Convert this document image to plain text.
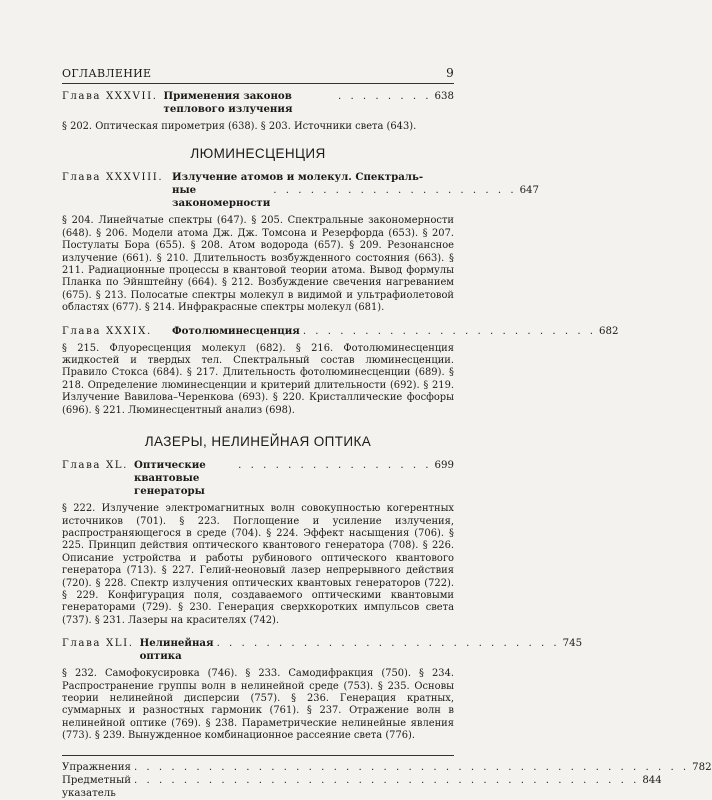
ОГЛАВЛЕНИЕ	9
Глава XXXVII. Применения законов теплового излучения
. . . . . . . . 638

§ 202. Оптическая пирометрия (638). § 203. Источники света (643).

ЛЮМИНЕСЦЕНЦИЯ

Глава XXXVIII. Излучение атомов и молекул. Спектраль-
ные закономерности
. . . . . . . . . . . . . . . . . . . . 647

§ 204. Линейчатые спектры (647). § 205. Спектральные закономерности (648). § 206. Модели атома Дж. Дж. Томсона и Резерфорда (653). § 207. Постулаты Бора (655). § 208. Атом водорода (657). § 209. Резонансное излучение (661). § 210. Длительность возбужденного состояния (663). § 211. Радиационные процессы в квантовой теории атома. Вывод формулы Планка по Эйнштейну (664). § 212. Возбуждение свечения нагреванием (675). § 213. Полосатые спектры молекул в видимой и ультрафиолетовой областях (677). § 214. Инфракрасные спектры молекул (681).

Глава XXXIX.	Фотолюминесценция . . . . . . . . . . . . . . . . . . . . . . . . 682

§ 215. Флуоресценция молекул (682). § 216. Фотолюминесценция жидкостей и твердых тел. Спектральный состав люминесценции. Правило Стокса (684). § 217. Длительность фотолюминесценции (689). § 218. Определение люминесценции и критерий длительности (692). § 219. Излучение Вавилова–Черенкова (693). § 220. Кристаллические фосфоры (696). § 221. Люминесцентный анализ (698).

ЛАЗЕРЫ, НЕЛИНЕЙНАЯ ОПТИКА

Глава XL. Оптические квантовые генераторы
. . . . . . . . . . . . . . . . 699

§ 222. Излучение электромагнитных волн совокупностью когерентных источников (701). § 223. Поглощение и усиление излучения, распространяющегося в среде (704). § 224. Эффект насыщения (706). § 225. Принцип действия оптического квантового генератора (708). § 226. Описание устройства и работы рубинового оптического квантового генератора (713). § 227. Гелий-неоновый лазер непрерывного действия (720). § 228. Спектр излучения оптических квантовых генераторов (722). § 229. Конфигурация поля, создаваемого оптическими квантовыми генераторами (729). § 230. Генерация сверхкоротких импульсов света (737). § 231. Лазеры на красителях (742).

Глава XLI. Нелинейная оптика
. . . . . . . . . . . . . . . . . . . . . . . . . . . . 745

§ 232. Самофокусировка (746). § 233. Самодифракция (750). § 234. Распространение группы волн в нелинейной среде (753). § 235. Основы теории нелинейной дисперсии (757). § 236. Генерация кратных, суммарных и разностных гармоник (761). § 237. Отражение волн в нелинейной оптике (769). § 238. Параметрические нелинейные явления (773). § 239. Вынужденное комбинационное рассеяние света (776).

Упражнения . . . . . . . . . . . . . . . . . . . . . . . . . . . . . . . . . . . . . . . . . . . . . 782
Предметный указатель
. . . . . . . . . . . . . . . . . . . . . . . . . . . . . . . . . . . . . . . . . 844
